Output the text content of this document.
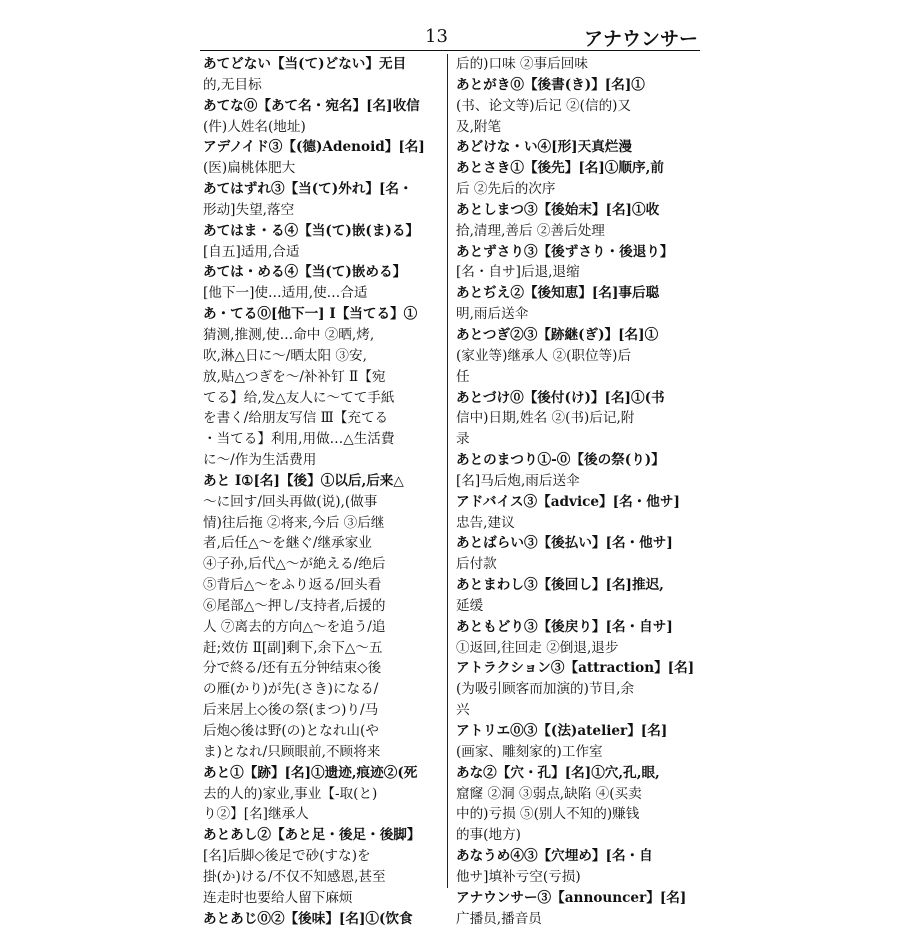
13	アナウンサー
あてどない【当(て)どない】无目
的,无目标
あてな⓪【あて名・宛名】[名]收信
(件)人姓名(地址)
アデノイド③【(德)Adenoid】[名]
(医)扁桃体肥大
あてはずれ③【当(て)外れ】[名・
形动]失望,落空
あてはま・る④【当(て)嵌(ま)る】
[自五]适用,合适
あては・める④【当(て)嵌める】
[他下一]使…适用,使…合适
あ・てる⓪[他下一] Ⅰ【当てる】①
猜测,推测,使…命中 ②晒,烤,
吹,淋△日に～/晒太阳 ③安,
放,贴△つぎを～/补补钉 Ⅱ【宛
てる】给,发△友人に～てて手紙
を書く/给朋友写信 Ⅲ【充てる
・当てる】利用,用做…△生活費
に～/作为生活费用
あと Ⅰ①[名]【後】①以后,后来△
～に回す/回头再做(说),(做事
情)往后拖 ②将来,今后 ③后继
者,后任△～を継ぐ/继承家业
④子孙,后代△～が絶える/绝后
⑤背后△～をふり返る/回头看
⑥尾部△～押し/支持者,后援的
人 ⑦离去的方向△～を追う/追
赶;效仿 Ⅱ[副]剩下,余下△～五
分で終る/还有五分钟结束◇後
の雁(かり)が先(さき)になる/
后来居上◇後の祭(まつ)り/马
后炮◇後は野(の)となれ山(や
ま)となれ/只顾眼前,不顾将来
あと①【跡】[名]①遗迹,痕迹②(死
去的人的)家业,事业【-取(と)
り②】[名]继承人
あとあし②【あと足・後足・後脚】
[名]后脚◇後足で砂(すな)を
掛(か)ける/不仅不知感恩,甚至
连走时也要给人留下麻烦
あとあじ⓪②【後味】[名]①(饮食
后的)口味 ②事后回味
あとがき⓪【後書(き)】[名]①
(书、论文等)后记 ②(信的)又
及,附笔
あどけな・い④[形]天真烂漫
あとさき①【後先】[名]①顺序,前
后 ②先后的次序
あとしまつ③【後始末】[名]①收
拾,清理,善后 ②善后处理
あとずさり③【後ずさり・後退り】
[名・自サ]后退,退缩
あとぢえ②【後知恵】[名]事后聪
明,雨后送伞
あとつぎ②③【跡継(ぎ)】[名]①
(家业等)继承人 ②(职位等)后
任
あとづけ⓪【後付(け)】[名]①(书
信中)日期,姓名 ②(书)后记,附
录
あとのまつり①-⓪【後の祭(り)】
[名]马后炮,雨后送伞
アドバイス③【advice】[名・他サ]
忠告,建议
あとばらい③【後払い】[名・他サ]
后付款
あとまわし③【後回し】[名]推迟,
延缓
あともどり③【後戻り】[名・自サ]
①返回,往回走 ②倒退,退步
アトラクション③【attraction】[名]
(为吸引顾客而加演的)节目,余
兴
アトリエ⓪③【(法)atelier】[名]
(画家、雕刻家的)工作室
あな②【穴・孔】[名]①穴,孔,眼,
窟窿 ②洞 ③弱点,缺陷 ④(买卖
中的)亏损 ⑤(别人不知的)赚钱
的事(地方)
あなうめ④③【穴埋め】[名・自
他サ]填补亏空(亏损)
アナウンサー③【announcer】[名]
广播员,播音员
